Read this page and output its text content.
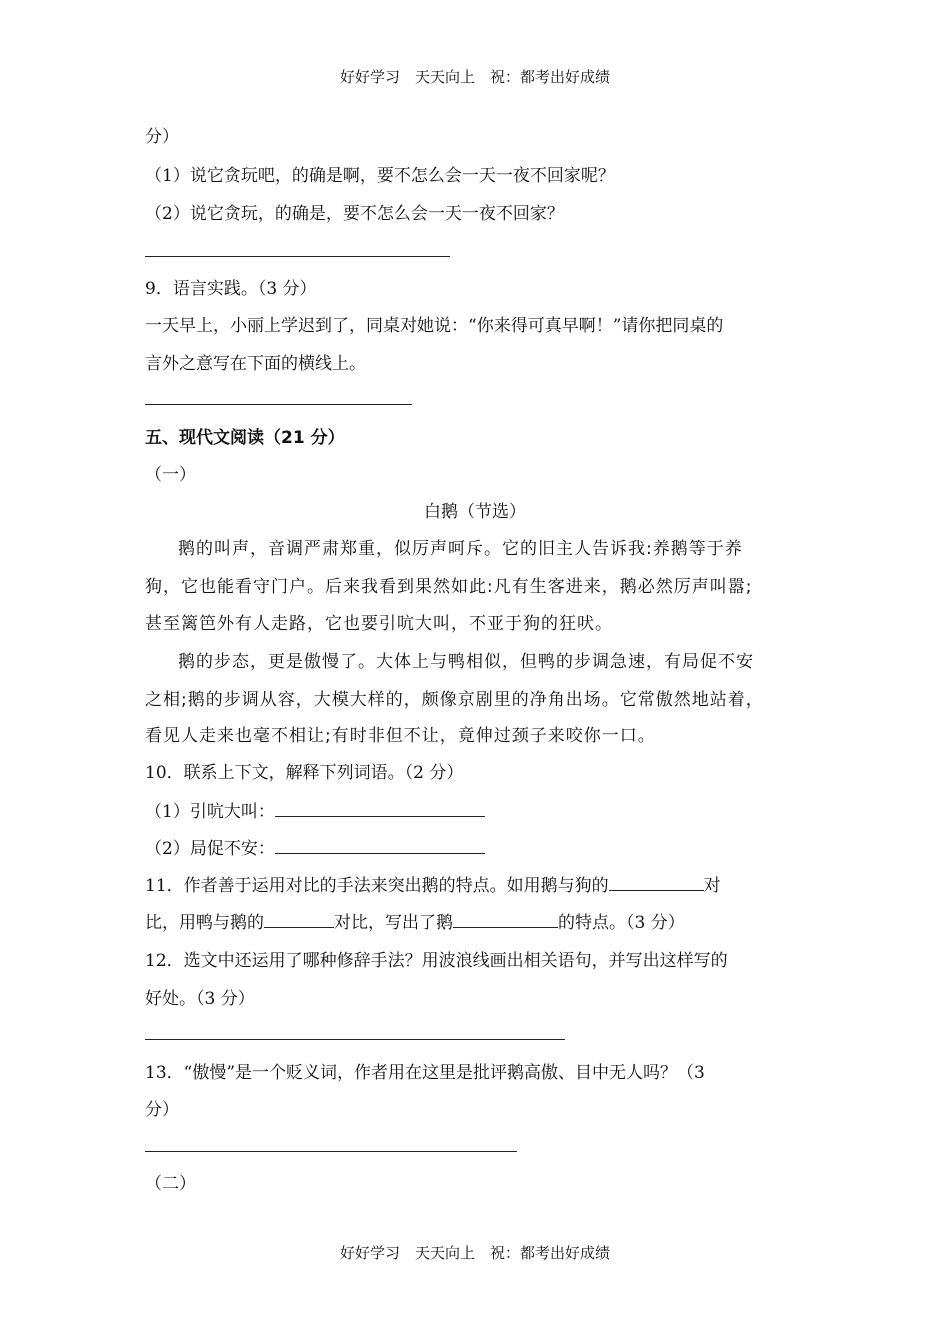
好好学习　天天向上　祝：都考出好成绩
分）
（1）说它贪玩吧，的确是啊，要不怎么会一天一夜不回家呢？
（2）说它贪玩，的确是，要不怎么会一天一夜不回家？
9．语言实践。（3 分）
一天早上，小丽上学迟到了，同桌对她说：“你来得可真早啊！”请你把同桌的
言外之意写在下面的横线上。
五、现代文阅读（21 分）
（一）
白鹅（节选）
鹅的叫声，音调严肃郑重，似厉声呵斥。它的旧主人告诉我:养鹅等于养
狗，它也能看守门户。后来我看到果然如此:凡有生客进来，鹅必然厉声叫嚣;
甚至篱笆外有人走路，它也要引吭大叫，不亚于狗的狂吠。
鹅的步态，更是傲慢了。大体上与鸭相似，但鸭的步调急速，有局促不安
之相;鹅的步调从容，大模大样的，颇像京剧里的净角出场。它常傲然地站着，
看见人走来也毫不相让;有时非但不让，竟伸过颈子来咬你一口。
10．联系上下文，解释下列词语。（2 分）
（1）引吭大叫：
（2）局促不安：
11．作者善于运用对比的手法来突出鹅的特点。如用鹅与狗的	对
比，用鸭与鹅的	对比，写出了鹅	的特点。（3 分）
12．选文中还运用了哪种修辞手法？用波浪线画出相关语句，并写出这样写的
好处。（3 分）
13．“傲慢”是一个贬义词，作者用在这里是批评鹅高傲、目中无人吗？（3
分）
（二）
好好学习　天天向上　祝：都考出好成绩
